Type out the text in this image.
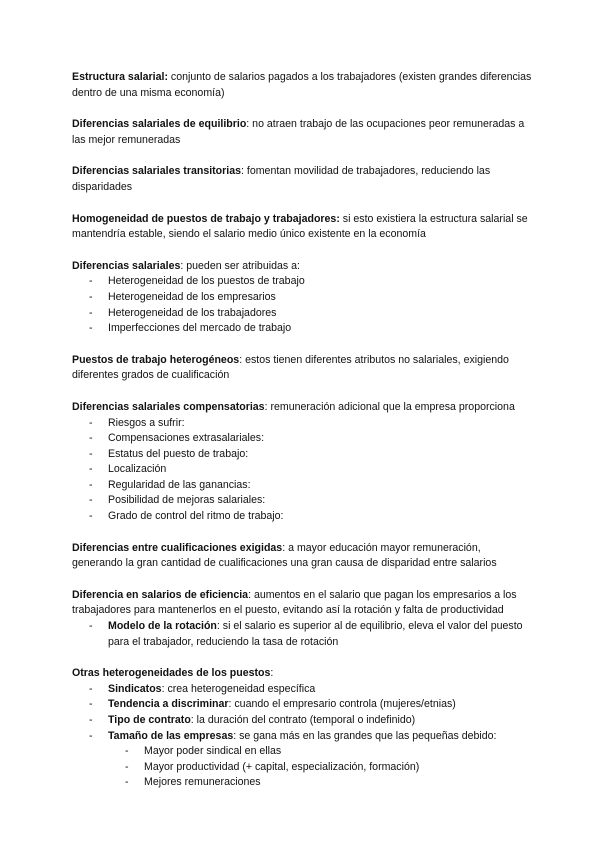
Estructura salarial: conjunto de salarios pagados a los trabajadores (existen grandes diferencias dentro de una misma economía)

Diferencias salariales de equilibrio: no atraen trabajo de las ocupaciones peor remuneradas a las mejor remuneradas

Diferencias salariales transitorias: fomentan movilidad de trabajadores, reduciendo las disparidades

Homogeneidad de puestos de trabajo y trabajadores: si esto existiera la estructura salarial se mantendría estable, siendo el salario medio único existente en la economía

Diferencias salariales: pueden ser atribuidas a:
- Heterogeneidad de los puestos de trabajo
- Heterogeneidad de los empresarios
- Heterogeneidad de los trabajadores
- Imperfecciones del mercado de trabajo

Puestos de trabajo heterogéneos: estos tienen diferentes atributos no salariales, exigiendo diferentes grados de cualificación

Diferencias salariales compensatorias: remuneración adicional que la empresa proporciona
- Riesgos a sufrir:
- Compensaciones extrasalariales:
- Estatus del puesto de trabajo:
- Localización
- Regularidad de las ganancias:
- Posibilidad de mejoras salariales:
- Grado de control del ritmo de trabajo:

Diferencias entre cualificaciones exigidas: a mayor educación mayor remuneración, generando la gran cantidad de cualificaciones una gran causa de disparidad entre salarios

Diferencia en salarios de eficiencia: aumentos en el salario que pagan los empresarios a los trabajadores para mantenerlos en el puesto, evitando así la rotación y falta de productividad
- Modelo de la rotación: si el salario es superior al de equilibrio, eleva el valor del puesto para el trabajador, reduciendo la tasa de rotación
Otras heterogeneidades de los puestos:
- Sindicatos: crea heterogeneidad específica
- Tendencia a discriminar: cuando el empresario controla (mujeres/etnias)
- Tipo de contrato: la duración del contrato (temporal o indefinido)
- Tamaño de las empresas: se gana más en las grandes que las pequeñas debido:
- Mayor poder sindical en ellas
- Mayor productividad (+ capital, especialización, formación)
- Mejores remuneraciones
